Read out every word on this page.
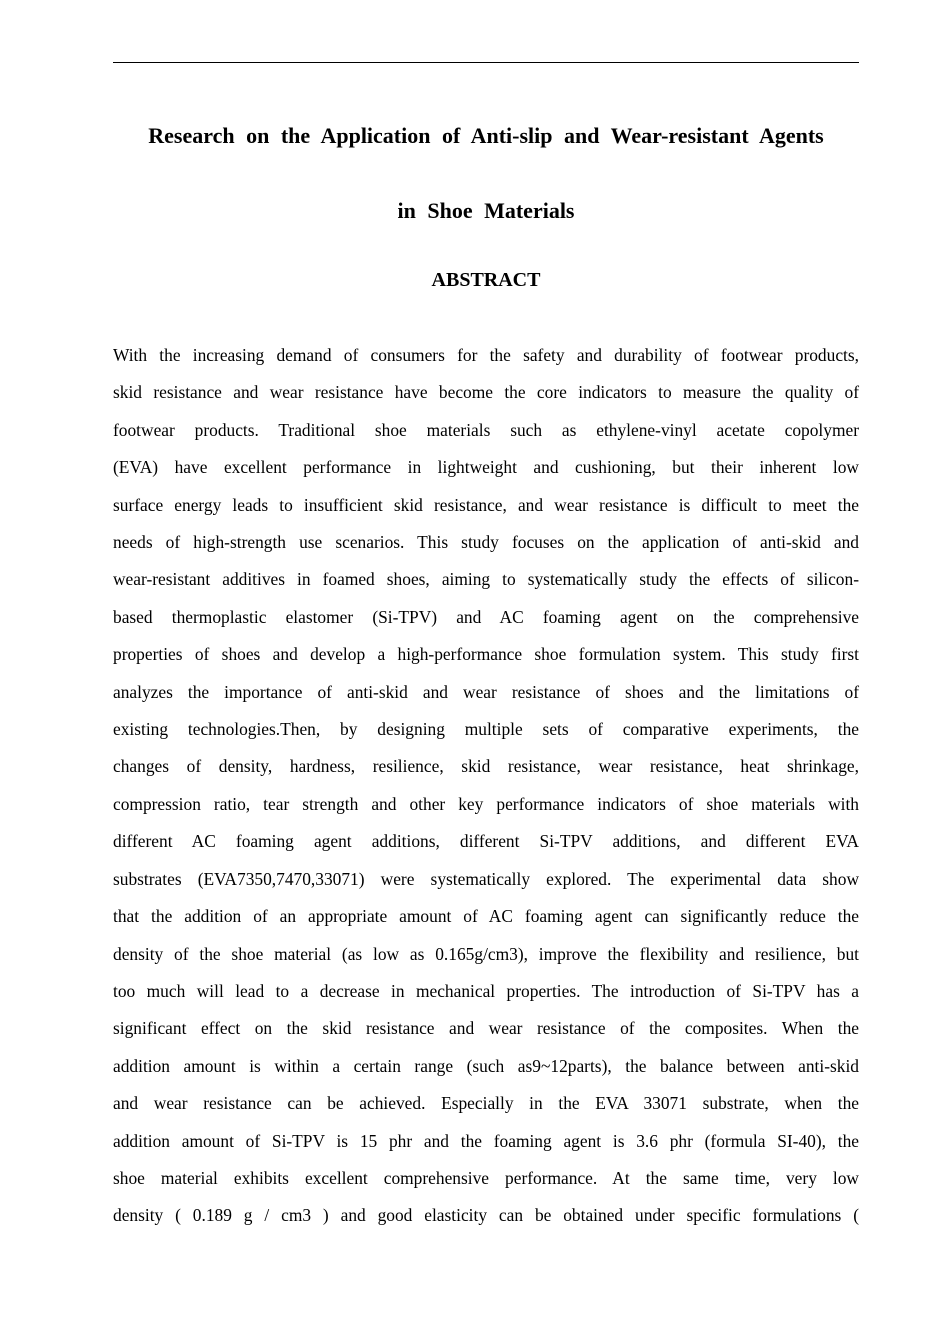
Research on the Application of Anti-slip and Wear-resistant Agents
in Shoe Materials
ABSTRACT
With the increasing demand of consumers for the safety and durability of footwear products,
skid resistance and wear resistance have become the core indicators to measure the quality of
footwear products. Traditional shoe materials such as ethylene-vinyl acetate copolymer
(EVA) have excellent performance in lightweight and cushioning, but their inherent low
surface energy leads to insufficient skid resistance, and wear resistance is difficult to meet the
needs of high-strength use scenarios. This study focuses on the application of anti-skid and
wear-resistant additives in foamed shoes, aiming to systematically study the effects of silicon-
based thermoplastic elastomer (Si-TPV) and AC foaming agent on the comprehensive
properties of shoes and develop a high-performance shoe formulation system. This study first
analyzes the importance of anti-skid and wear resistance of shoes and the limitations of
existing technologies.Then, by designing multiple sets of comparative experiments, the
changes of density, hardness, resilience, skid resistance, wear resistance, heat shrinkage,
compression ratio, tear strength and other key performance indicators of shoe materials with
different AC foaming agent additions, different Si-TPV additions, and different EVA
substrates (EVA7350,7470,33071) were systematically explored. The experimental data show
that the addition of an appropriate amount of AC foaming agent can significantly reduce the
density of the shoe material (as low as 0.165g/cm3), improve the flexibility and resilience, but
too much will lead to a decrease in mechanical properties. The introduction of Si-TPV has a
significant effect on the skid resistance and wear resistance of the composites. When the
addition amount is within a certain range (such as9~12parts), the balance between anti-skid
and wear resistance can be achieved. Especially in the EVA 33071 substrate, when the
addition amount of Si-TPV is 15 phr and the foaming agent is 3.6 phr (formula SI-40), the
shoe material exhibits excellent comprehensive performance. At the same time, very low
density ( 0.189 g / cm3 ) and good elasticity can be obtained under specific formulations (
